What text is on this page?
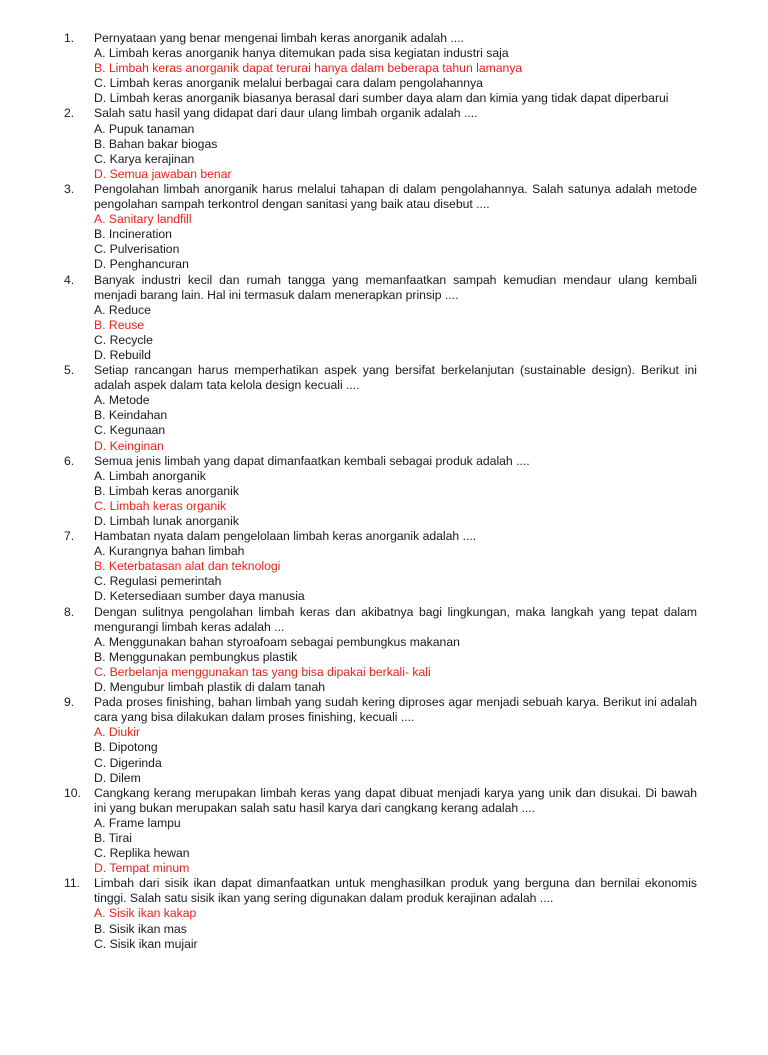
1. Pernyataan yang benar mengenai limbah keras anorganik adalah ....
A. Limbah keras anorganik hanya ditemukan pada sisa kegiatan industri saja
B. Limbah keras anorganik dapat terurai hanya dalam beberapa tahun lamanya
C. Limbah keras anorganik melalui berbagai cara dalam pengolahannya
D. Limbah keras anorganik biasanya berasal dari sumber daya alam dan kimia yang tidak dapat diperbarui
2. Salah satu hasil yang didapat dari daur ulang limbah organik adalah ....
A. Pupuk tanaman
B. Bahan bakar biogas
C. Karya kerajinan
D. Semua jawaban benar
3. Pengolahan limbah anorganik harus melalui tahapan di dalam pengolahannya. Salah satunya adalah metode pengolahan sampah terkontrol dengan sanitasi yang baik atau disebut ....
A. Sanitary landfill
B. Incineration
C. Pulverisation
D. Penghancuran
4. Banyak industri kecil dan rumah tangga yang memanfaatkan sampah kemudian mendaur ulang kembali menjadi barang lain. Hal ini termasuk dalam menerapkan prinsip ....
A. Reduce
B. Reuse
C. Recycle
D. Rebuild
5. Setiap rancangan harus memperhatikan aspek yang bersifat berkelanjutan (sustainable design). Berikut ini adalah aspek dalam tata kelola design kecuali ....
A. Metode
B. Keindahan
C. Kegunaan
D. Keinginan
6. Semua jenis limbah yang dapat dimanfaatkan kembali sebagai produk adalah ....
A. Limbah anorganik
B. Limbah keras anorganik
C. Limbah keras organik
D. Limbah lunak anorganik
7. Hambatan nyata dalam pengelolaan limbah keras anorganik adalah ....
A. Kurangnya bahan limbah
B. Keterbatasan alat dan teknologi
C. Regulasi pemerintah
D. Ketersediaan sumber daya manusia
8. Dengan sulitnya pengolahan limbah keras dan akibatnya bagi lingkungan, maka langkah yang tepat dalam mengurangi limbah keras adalah ...
A. Menggunakan bahan styroafoam sebagai pembungkus makanan
B. Menggunakan pembungkus plastik
C. Berbelanja menggunakan tas yang bisa dipakai berkali- kali
D. Mengubur limbah plastik di dalam tanah
9. Pada proses finishing, bahan limbah yang sudah kering diproses agar menjadi sebuah karya. Berikut ini adalah cara yang bisa dilakukan dalam proses finishing, kecuali ....
A. Diukir
B. Dipotong
C. Digerinda
D. Dilem
10. Cangkang kerang merupakan limbah keras yang dapat dibuat menjadi karya yang unik dan disukai. Di bawah ini yang bukan merupakan salah satu hasil karya dari cangkang kerang adalah ....
A. Frame lampu
B. Tirai
C. Replika hewan
D. Tempat minum
11. Limbah dari sisik ikan dapat dimanfaatkan untuk menghasilkan produk yang berguna dan bernilai ekonomis tinggi. Salah satu sisik ikan yang sering digunakan dalam produk kerajinan adalah ....
A. Sisik ikan kakap
B. Sisik ikan mas
C. Sisik ikan mujair
